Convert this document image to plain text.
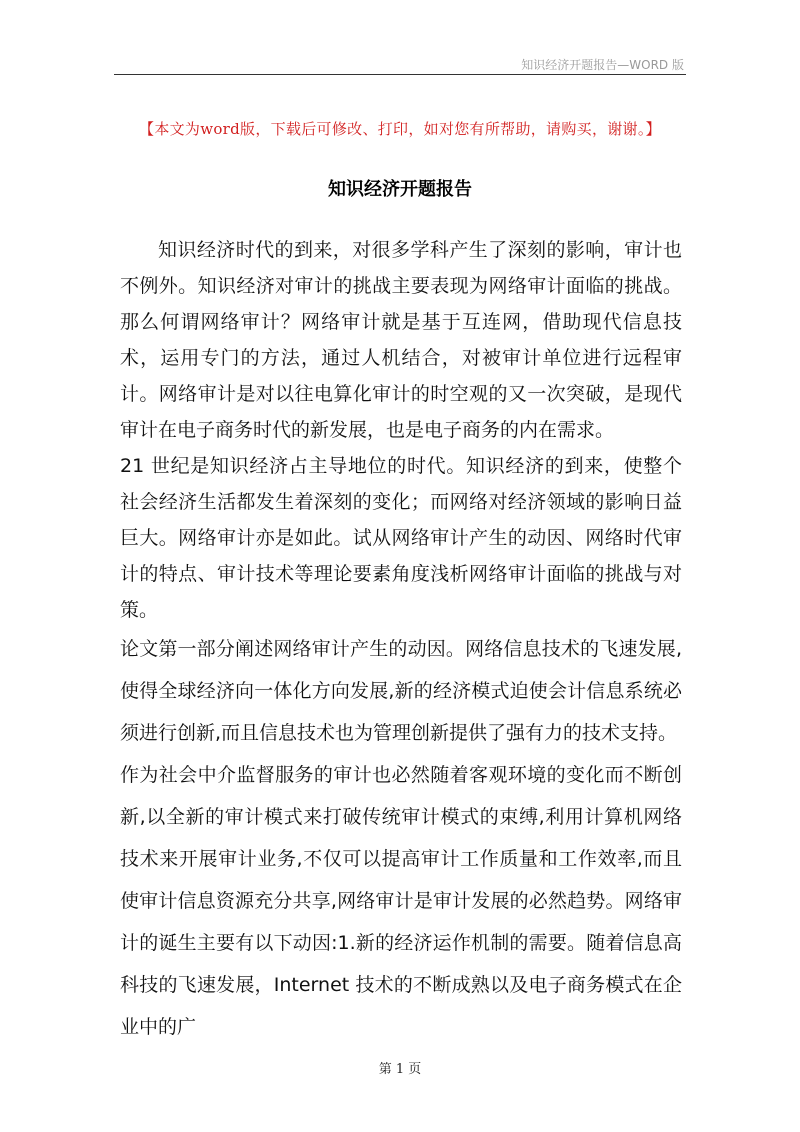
知识经济开题报告—WORD 版
【本文为word版，下载后可修改、打印，如对您有所帮助，请购买，谢谢。】
知识经济开题报告

知识经济时代的到来，对很多学科产生了深刻的影响，审计也不例外。知识经济对审计的挑战主要表现为网络审计面临的挑战。那么何谓网络审计？网络审计就是基于互连网，借助现代信息技术，运用专门的方法，通过人机结合，对被审计单位进行远程审计。网络审计是对以往电算化审计的时空观的又一次突破，是现代审计在电子商务时代的新发展，也是电子商务的内在需求。

21 世纪是知识经济占主导地位的时代。知识经济的到来，使整个社会经济生活都发生着深刻的变化；而网络对经济领域的影响日益巨大。网络审计亦是如此。试从网络审计产生的动因、网络时代审计的特点、审计技术等理论要素角度浅析网络审计面临的挑战与对策。

论文第一部分阐述网络审计产生的动因。网络信息技术的飞速发展,使得全球经济向一体化方向发展,新的经济模式迫使会计信息系统必须进行创新,而且信息技术也为管理创新提供了强有力的技术支持。

作为社会中介监督服务的审计也必然随着客观环境的变化而不断创新,以全新的审计模式来打破传统审计模式的束缚,利用计算机网络技术来开展审计业务,不仅可以提高审计工作质量和工作效率,而且使审计信息资源充分共享,网络审计是审计发展的必然趋势。网络审计的诞生主要有以下动因:1.新的经济运作机制的需要。随着信息高科技的飞速发展，Internet 技术的不断成熟以及电子商务模式在企业中的广

第 1 页
